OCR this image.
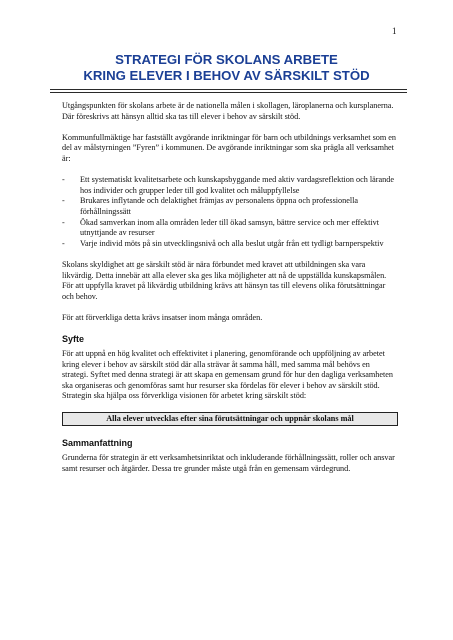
1
STRATEGI FÖR SKOLANS ARBETE
KRING ELEVER I BEHOV AV SÄRSKILT STÖD

Utgångspunkten för skolans arbete är de nationella målen i skollagen, läroplanerna och kursplanerna. Där föreskrivs att hänsyn alltid ska tas till elever i behov av särskilt stöd.

Kommunfullmäktige har fastställt avgörande inriktningar för barn och utbildnings verksamhet som en del av målstyrningen ”Fyren” i kommunen. De avgörande inriktningar som ska prägla all verksamhet är:

- Ett systematiskt kvalitetsarbete och kunskapsbyggande med aktiv vardagsreflektion och lärande hos individer och grupper leder till god kvalitet och måluppfyllelse
- Brukares inflytande och delaktighet främjas av personalens öppna och professionella förhållningssätt
- Ökad samverkan inom alla områden leder till ökad samsyn, bättre service och mer effektivt utnyttjande av resurser
- Varje individ möts på sin utvecklingsnivå och alla beslut utgår från ett tydligt barnperspektiv

Skolans skyldighet att ge särskilt stöd är nära förbundet med kravet att utbildningen ska vara likvärdig. Detta innebär att alla elever ska ges lika möjligheter att nå de uppställda kunskapsmålen. För att uppfylla kravet på likvärdig utbildning krävs att hänsyn tas till elevens olika förutsättningar och behov.

För att förverkliga detta krävs insatser inom många områden.

Syfte

För att uppnå en hög kvalitet och effektivitet i planering, genomförande och uppföljning av arbetet kring elever i behov av särskilt stöd där alla strävar åt samma håll, med samma mål behövs en strategi. Syftet med denna strategi är att skapa en gemensam grund för hur den dagliga verksamheten ska organiseras och genomföras samt hur resurser ska fördelas för elever i behov av särskilt stöd. Strategin ska hjälpa oss förverkliga visionen för arbetet kring särskilt stöd:

Alla elever utvecklas efter sina förutsättningar och uppnår skolans mål
Sammanfattning

Grunderna för strategin är ett verksamhetsinriktat och inkluderande förhållningssätt, roller och ansvar samt resurser och åtgärder. Dessa tre grunder måste utgå från en gemensam värdegrund.
